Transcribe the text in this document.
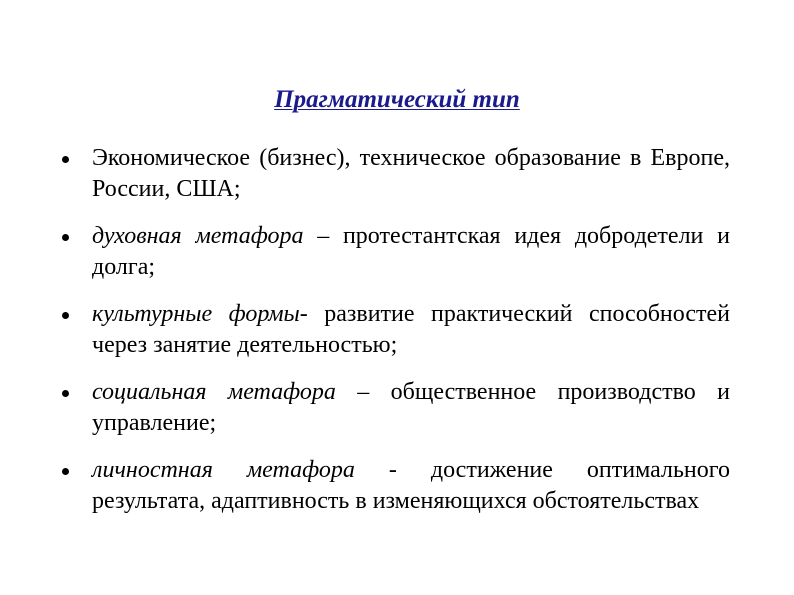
Прагматический тип
Экономическое (бизнес), техническое образование в Европе, России, США;
духовная метафора – протестантская идея добродетели и долга;
культурные формы- развитие практический способностей через занятие деятельностью;
социальная метафора – общественное производство и управление;
личностная метафора - достижение оптимального результата, адаптивность в изменяющихся обстоятельствах
